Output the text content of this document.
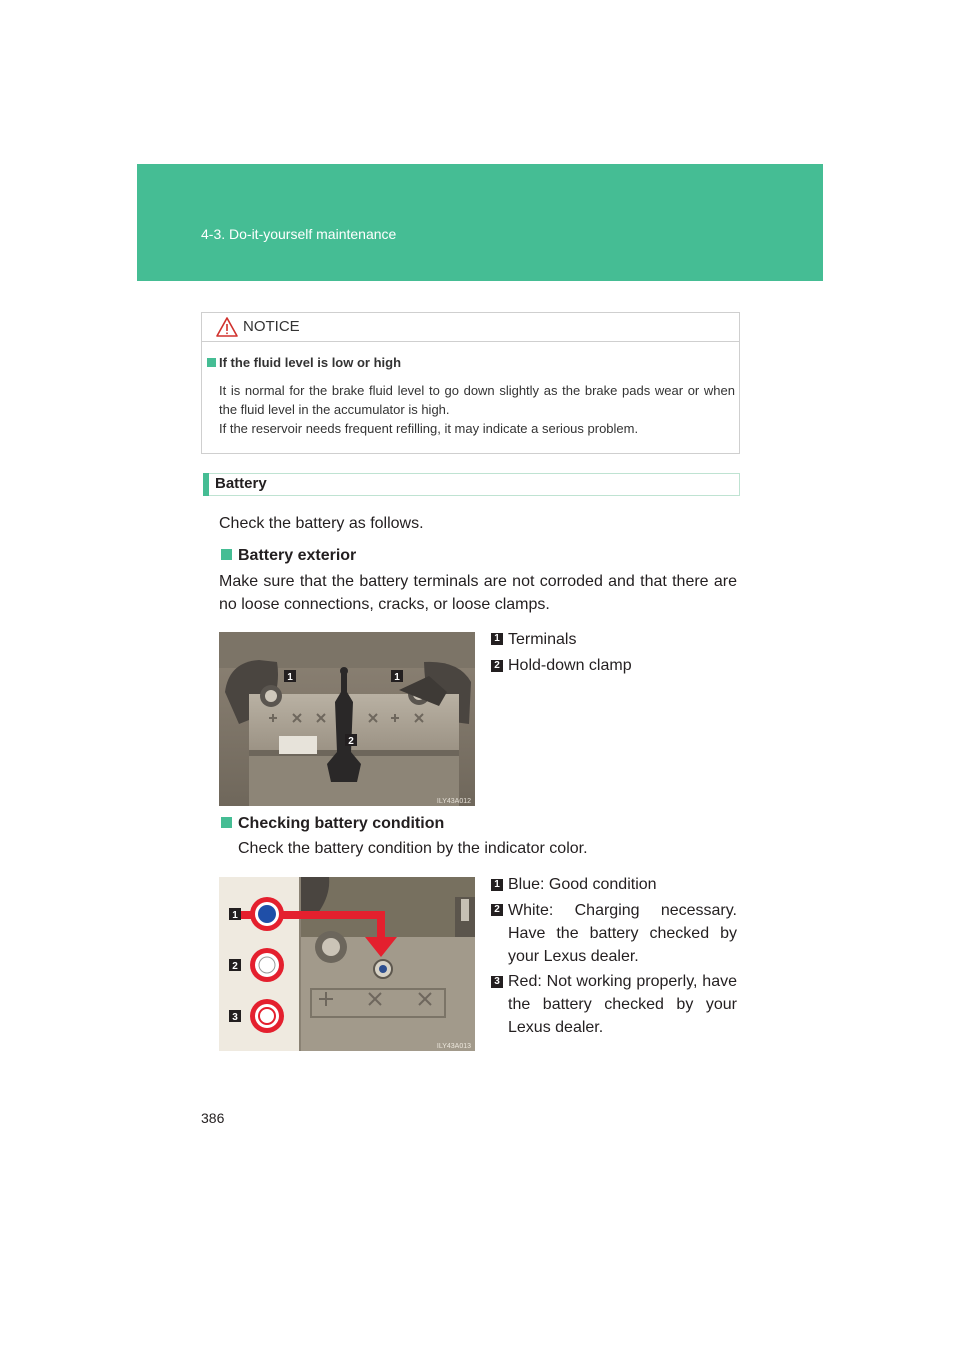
4-3. Do-it-yourself maintenance
NOTICE
If the fluid level is low or high

It is normal for the brake fluid level to go down slightly as the brake pads wear or when the fluid level in the accumulator is high.

If the reservoir needs frequent refilling, it may indicate a serious problem.

Battery
Check the battery as follows.
Battery exterior
Make sure that the battery terminals are not corroded and that there are no loose connections, cracks, or loose clamps.
1	1
2
ILY43A012
1 Terminals
2 Hold-down clamp
Checking battery condition
Check the battery condition by the indicator color.
1
2
3
ILY43A013
1 Blue: Good condition
2 White: Charging necessary. Have the battery checked by your Lexus dealer.
3 Red: Not working properly, have the battery checked by your Lexus dealer.
386
